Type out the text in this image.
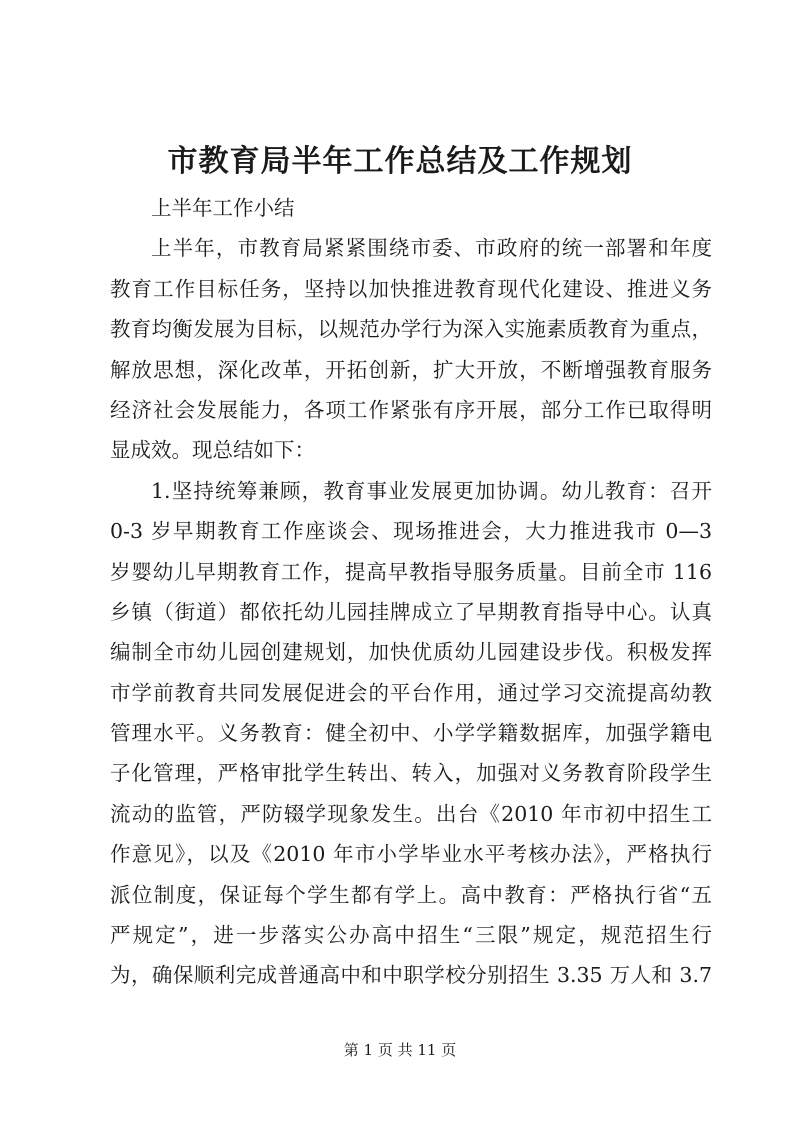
市教育局半年工作总结及工作规划
上半年工作小结
上半年，市教育局紧紧围绕市委、市政府的统一部署和年度
教育工作目标任务，坚持以加快推进教育现代化建设、推进义务
教育均衡发展为目标，以规范办学行为深入实施素质教育为重点，
解放思想，深化改革，开拓创新，扩大开放，不断增强教育服务
经济社会发展能力，各项工作紧张有序开展，部分工作已取得明
显成效。现总结如下：
1.坚持统筹兼顾，教育事业发展更加协调。幼儿教育：召开
0-3 岁早期教育工作座谈会、现场推进会，大力推进我市 0—3
岁婴幼儿早期教育工作，提高早教指导服务质量。目前全市 116
乡镇（街道）都依托幼儿园挂牌成立了早期教育指导中心。认真
编制全市幼儿园创建规划，加快优质幼儿园建设步伐。积极发挥
市学前教育共同发展促进会的平台作用，通过学习交流提高幼教
管理水平。义务教育：健全初中、小学学籍数据库，加强学籍电
子化管理，严格审批学生转出、转入，加强对义务教育阶段学生
流动的监管，严防辍学现象发生。出台《2010 年市初中招生工
作意见》，以及《2010 年市小学毕业水平考核办法》，严格执行
派位制度，保证每个学生都有学上。高中教育：严格执行省“五
严规定”，进一步落实公办高中招生“三限”规定，规范招生行
为，确保顺利完成普通高中和中职学校分别招生 3.35 万人和 3.7
第 1 页 共 11 页
